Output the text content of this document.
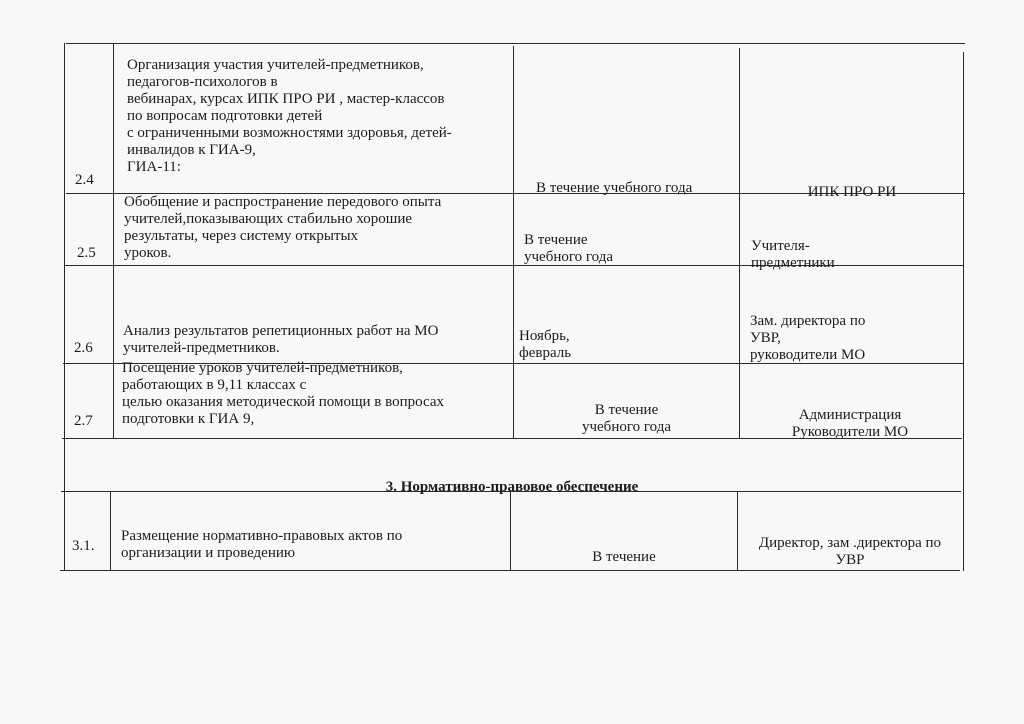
2.4
Организация участия учителей-предметников,
педагогов-психологов в
вебинарах, курсах ИПК ПРО РИ , мастер-классов
по вопросам подготовки детей
с ограниченными возможностями здоровья, детей-
инвалидов к ГИА-9,
ГИА-11:
В течение учебного года	ИПК ПРО РИ
2.5
Обобщение и распространение передового опыта
учителей,показывающих стабильно хорошие
результаты, через систему открытых
уроков.
В течение
учебного года
Учителя-
предметники
2.6
Анализ результатов репетиционных работ на МО
учителей-предметников.
Ноябрь,
февраль
Зам. директора по
УВР,
руководители МО
2.7
Посещение уроков учителей-предметников,
работающих в 9,11 классах с
целью оказания методической помощи в вопросах
подготовки к ГИА 9,
В течение
учебного года
Администрация
Руководители МО
3. Нормативно-правовое обеспечение
3.1.
Размещение нормативно-правовых актов по
организации и проведению	В течение
Директор, зам .директора по
УВР
